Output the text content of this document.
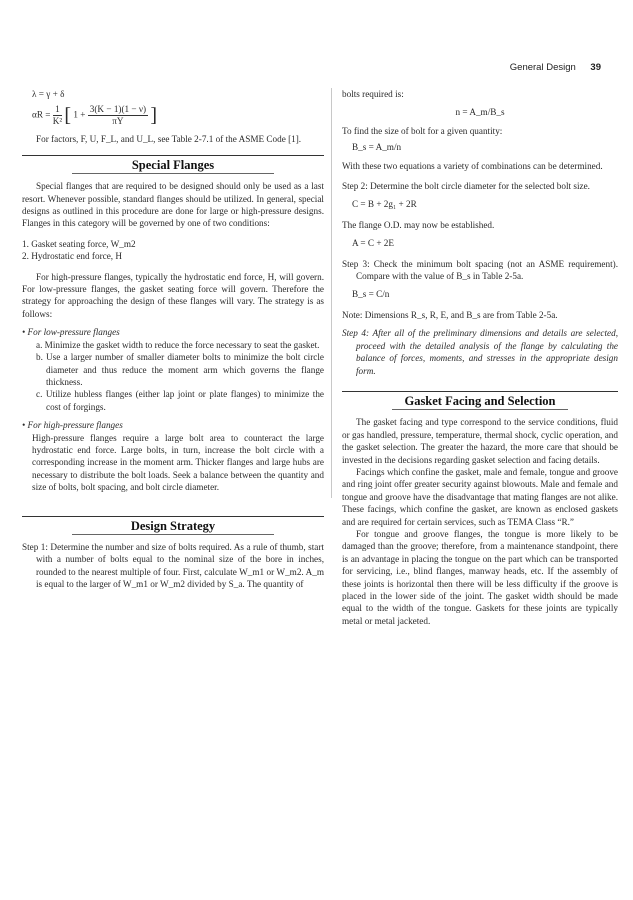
General Design 39

λ = γ + δ

$\alpha R = \frac{1}{\text{K²}}$ [ $1 + \frac{3(K - 1)(1 - \nu)}{\pi Y}$ ]

For factors, F, U, F_L, and U_L, see Table 2-7.1 of the ASME Code [1].

Special Flanges

Special flanges that are required to be designed should only be used as a last resort. Whenever possible, standard flanges should be utilized. In general, special designs as outlined in this procedure are done for large or high-pressure designs. Flanges in this category will be governed by one of two conditions:

1. Gasket seating force, W_m2

2. Hydrostatic end force, H

For high-pressure flanges, typically the hydrostatic end force, H, will govern. For low-pressure flanges, the gasket seating force will govern. Therefore the strategy for approaching the design of these flanges will vary. The strategy is as follows:

• For low-pressure flanges

a. Minimize the gasket width to reduce the force necessary to seat the gasket.

b. Use a larger number of smaller diameter bolts to minimize the bolt circle diameter and thus reduce the moment arm which governs the flange thickness.

c. Utilize hubless flanges (either lap joint or plate flanges) to minimize the cost of forgings.

• For high-pressure flanges

High-pressure flanges require a large bolt area to counteract the large hydrostatic end force. Large bolts, in turn, increase the bolt circle with a corresponding increase in the moment arm. Thicker flanges and large hubs are necessary to distribute the bolt loads. Seek a balance between the quantity and size of bolts, bolt spacing, and bolt circle diameter.

Design Strategy

Step 1: Determine the number and size of bolts required. As a rule of thumb, start with a number of bolts equal to the nominal size of the bore in inches, rounded to the nearest multiple of four. First, calculate W_m1 or W_m2. A_m is equal to the larger of W_m1 or W_m2 divided by S_a. The quantity of

bolts required is:

n = A_m/B_s

To find the size of bolt for a given quantity:

B_s = A_m/n

With these two equations a variety of combinations can be determined.

Step 2: Determine the bolt circle diameter for the selected bolt size.

C = B + 2g₁ + 2R

The flange O.D. may now be established.

A = C + 2E

Step 3: Check the minimum bolt spacing (not an ASME requirement). Compare with the value of B_s in Table 2-5a.

B_s = C/n

Note: Dimensions R_s, R, E, and B_s are from Table 2-5a.

Step 4: After all of the preliminary dimensions and details are selected, proceed with the detailed analysis of the flange by calculating the balance of forces, moments, and stresses in the appropriate design form.

Gasket Facing and Selection

The gasket facing and type correspond to the service conditions, fluid or gas handled, pressure, temperature, thermal shock, cyclic operation, and the gasket selection. The greater the hazard, the more care that should be invested in the decisions regarding gasket selection and facing details.

Facings which confine the gasket, male and female, tongue and groove and ring joint offer greater security against blowouts. Male and female and tongue and groove have the disadvantage that mating flanges are not alike. These facings, which confine the gasket, are known as enclosed gaskets and are required for certain services, such as TEMA Class “R.”

For tongue and groove flanges, the tongue is more likely to be damaged than the groove; therefore, from a maintenance standpoint, there is an advantage in placing the tongue on the part which can be transported for servicing, i.e., blind flanges, manway heads, etc. If the assembly of these joints is horizontal then there will be less difficulty if the groove is placed in the lower side of the joint. The gasket width should be made equal to the width of the tongue. Gaskets for these joints are typically metal or metal jacketed.
